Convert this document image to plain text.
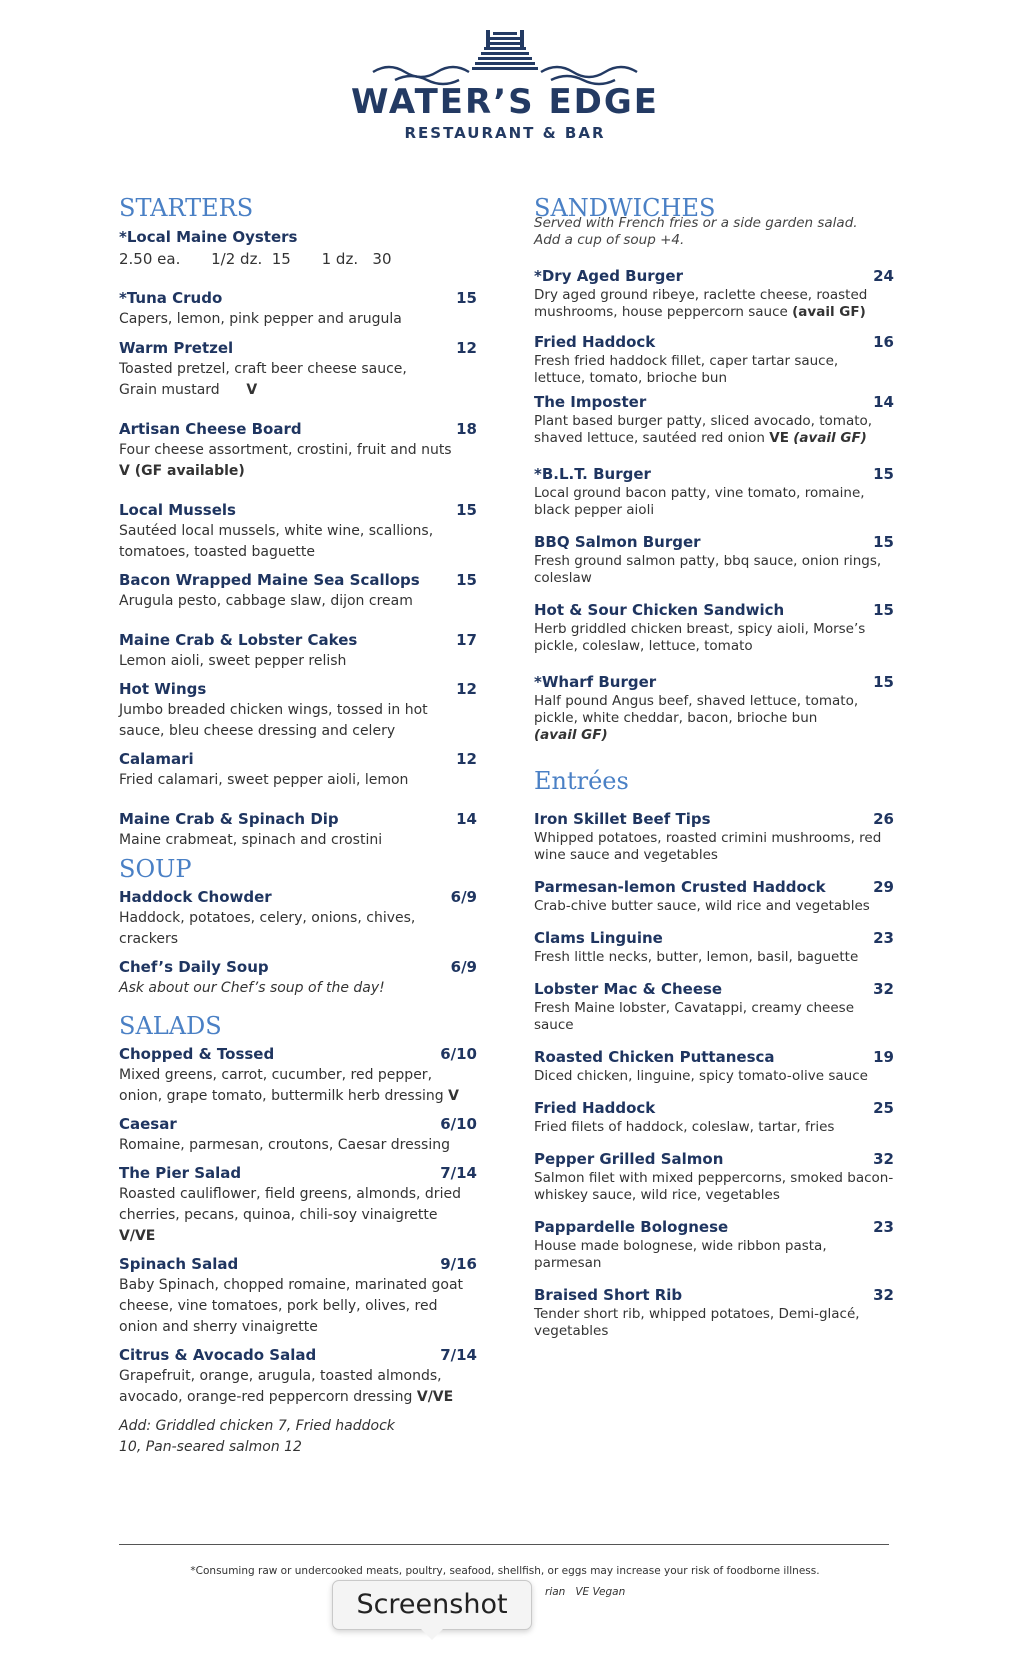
WATER’S EDGE
RESTAURANT & BAR
STARTERS
*Local Maine Oysters
2.50 ea. 1/2 dz.  15 1 dz.   30
*Tuna Crudo	15
Capers, lemon, pink pepper and arugula
Warm Pretzel	12
Toasted pretzel, craft beer cheese sauce,
Grain mustard V
Artisan Cheese Board	18
Four cheese assortment, crostini, fruit and nuts
V (GF available)
Local Mussels	15
Sautéed local mussels, white wine, scallions, tomatoes, toasted baguette
Bacon Wrapped Maine Sea Scallops	15
Arugula pesto, cabbage slaw, dijon cream
Maine Crab & Lobster Cakes	17
Lemon aioli, sweet pepper relish
Hot Wings	12
Jumbo breaded chicken wings, tossed in hot sauce, bleu cheese dressing and celery
Calamari	12
Fried calamari, sweet pepper aioli, lemon
Maine Crab & Spinach Dip	14
Maine crabmeat, spinach and crostini
SOUP
Haddock Chowder	6/9
Haddock, potatoes, celery, onions, chives, crackers
Chef’s Daily Soup	6/9
Ask about our Chef’s soup of the day!
SALADS
Chopped & Tossed	6/10
Mixed greens, carrot, cucumber, red pepper, onion, grape tomato, buttermilk herb dressing V
Caesar	6/10
Romaine, parmesan, croutons, Caesar dressing
The Pier Salad	7/14
Roasted cauliflower, field greens, almonds, dried cherries, pecans, quinoa, chili-soy vinaigrette V/VE
Spinach Salad	9/16
Baby Spinach, chopped romaine, marinated goat cheese, vine tomatoes, pork belly, olives, red onion and sherry vinaigrette
Citrus & Avocado Salad	7/14
Grapefruit, orange, arugula, toasted almonds, avocado, orange-red peppercorn dressing V/VE
Add: Griddled chicken 7, Fried haddock 10, Pan-seared salmon 12
SANDWICHES
Served with French fries or a side garden salad. Add a cup of soup +4.
*Dry Aged Burger	24
Dry aged ground ribeye, raclette cheese, roasted mushrooms, house peppercorn sauce (avail GF)
Fried Haddock	16
Fresh fried haddock fillet, caper tartar sauce, lettuce, tomato, brioche bun
The Imposter	14
Plant based burger patty, sliced avocado, tomato, shaved lettuce, sautéed red onion VE (avail GF)
*B.L.T. Burger	15
Local ground bacon patty, vine tomato, romaine, black pepper aioli
BBQ Salmon Burger	15
Fresh ground salmon patty, bbq sauce, onion rings, coleslaw
Hot & Sour Chicken Sandwich	15
Herb griddled chicken breast, spicy aioli, Morse’s pickle, coleslaw, lettuce, tomato
*Wharf Burger	15
Half pound Angus beef, shaved lettuce, tomato, pickle, white cheddar, bacon, brioche bun
(avail GF)
Entrées
Iron Skillet Beef Tips	26
Whipped potatoes, roasted crimini mushrooms, red wine sauce and vegetables
Parmesan-lemon Crusted Haddock	29
Crab-chive butter sauce, wild rice and vegetables
Clams Linguine	23
Fresh little necks, butter, lemon, basil, baguette
Lobster Mac & Cheese	32
Fresh Maine lobster, Cavatappi, creamy cheese sauce
Roasted Chicken Puttanesca	19
Diced chicken, linguine, spicy tomato-olive sauce
Fried Haddock	25
Fried filets of haddock, coleslaw, tartar, fries
Pepper Grilled Salmon	32
Salmon filet with mixed peppercorns, smoked bacon-whiskey sauce, wild rice, vegetables
Pappardelle Bolognese	23
House made bolognese, wide ribbon pasta, parmesan
Braised Short Rib	32
Tender short rib, whipped potatoes, Demi-glacé, vegetables
*Consuming raw or undercooked meats, poultry, seafood, shellfish, or eggs may increase your risk of foodborne illness.
rian   VE Vegan
Screenshot
